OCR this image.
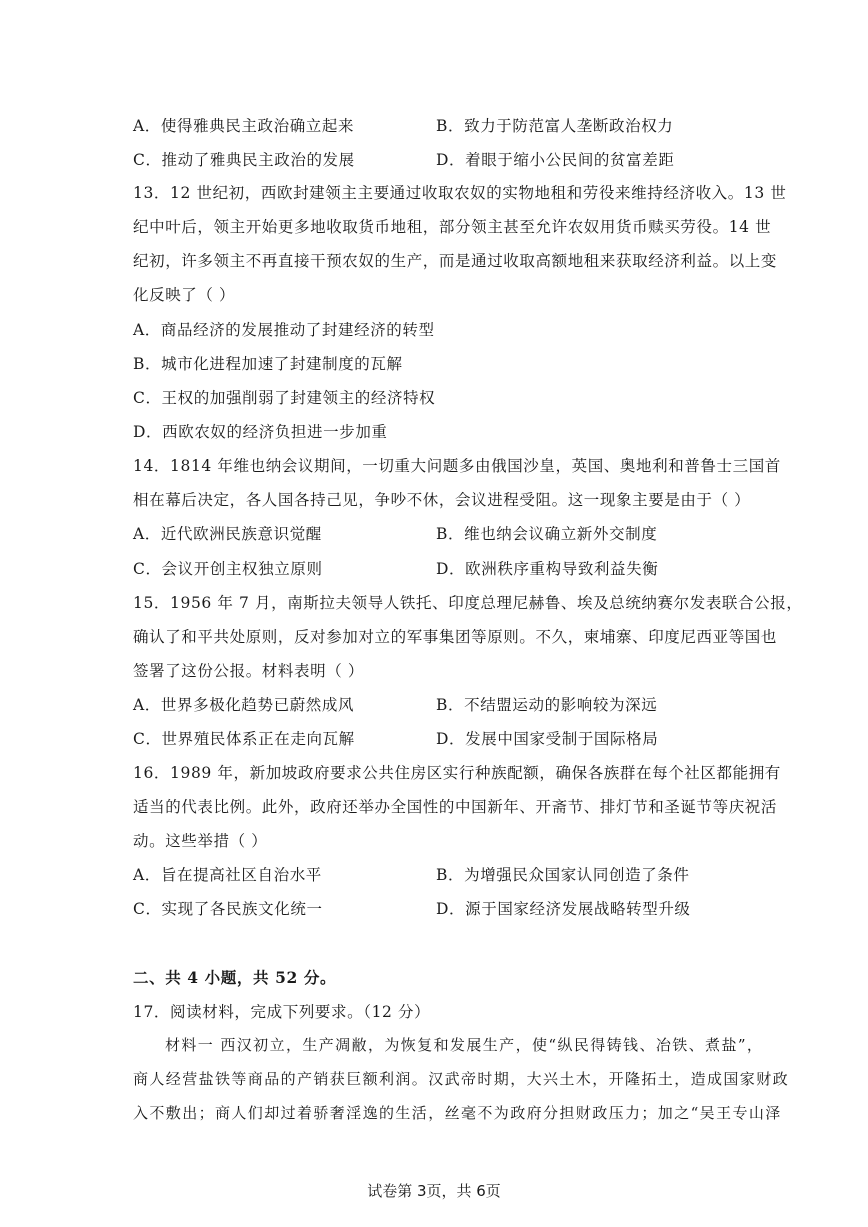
A．使得雅典民主政治确立起来	B．致力于防范富人垄断政治权力
C．推动了雅典民主政治的发展	D．着眼于缩小公民间的贫富差距
13．12 世纪初，西欧封建领主主要通过收取农奴的实物地租和劳役来维持经济收入。13 世
纪中叶后，领主开始更多地收取货币地租，部分领主甚至允许农奴用货币赎买劳役。14 世
纪初，许多领主不再直接干预农奴的生产，而是通过收取高额地租来获取经济利益。以上变
化反映了（ ）
A．商品经济的发展推动了封建经济的转型
B．城市化进程加速了封建制度的瓦解
C．王权的加强削弱了封建领主的经济特权
D．西欧农奴的经济负担进一步加重
14．1814 年维也纳会议期间，一切重大问题多由俄国沙皇，英国、奥地利和普鲁士三国首
相在幕后决定，各人国各持己见，争吵不休，会议进程受阻。这一现象主要是由于（ ）
A．近代欧洲民族意识觉醒	B．维也纳会议确立新外交制度
C．会议开创主权独立原则	D．欧洲秩序重构导致利益失衡
15．1956 年 7 月，南斯拉夫领导人铁托、印度总理尼赫鲁、埃及总统纳赛尔发表联合公报，
确认了和平共处原则，反对参加对立的军事集团等原则。不久，柬埔寨、印度尼西亚等国也
签署了这份公报。材料表明（ ）
A．世界多极化趋势已蔚然成风	B．不结盟运动的影响较为深远
C．世界殖民体系正在走向瓦解	D．发展中国家受制于国际格局
16．1989 年，新加坡政府要求公共住房区实行种族配额，确保各族群在每个社区都能拥有
适当的代表比例。此外，政府还举办全国性的中国新年、开斋节、排灯节和圣诞节等庆祝活
动。这些举措（ ）
A．旨在提高社区自治水平	B．为增强民众国家认同创造了条件
C．实现了各民族文化统一	D．源于国家经济发展战略转型升级
二、共 4 小题，共 52 分。
17．阅读材料，完成下列要求。（12 分）
材料一 西汉初立，生产凋敝，为恢复和发展生产，使“纵民得铸钱、冶铁、煮盐”，
商人经营盐铁等商品的产销获巨额利润。汉武帝时期，大兴土木，开隆拓土，造成国家财政
入不敷出；商人们却过着骄奢淫逸的生活，丝毫不为政府分担财政压力；加之“吴王专山泽
试卷第 3页，共 6页
